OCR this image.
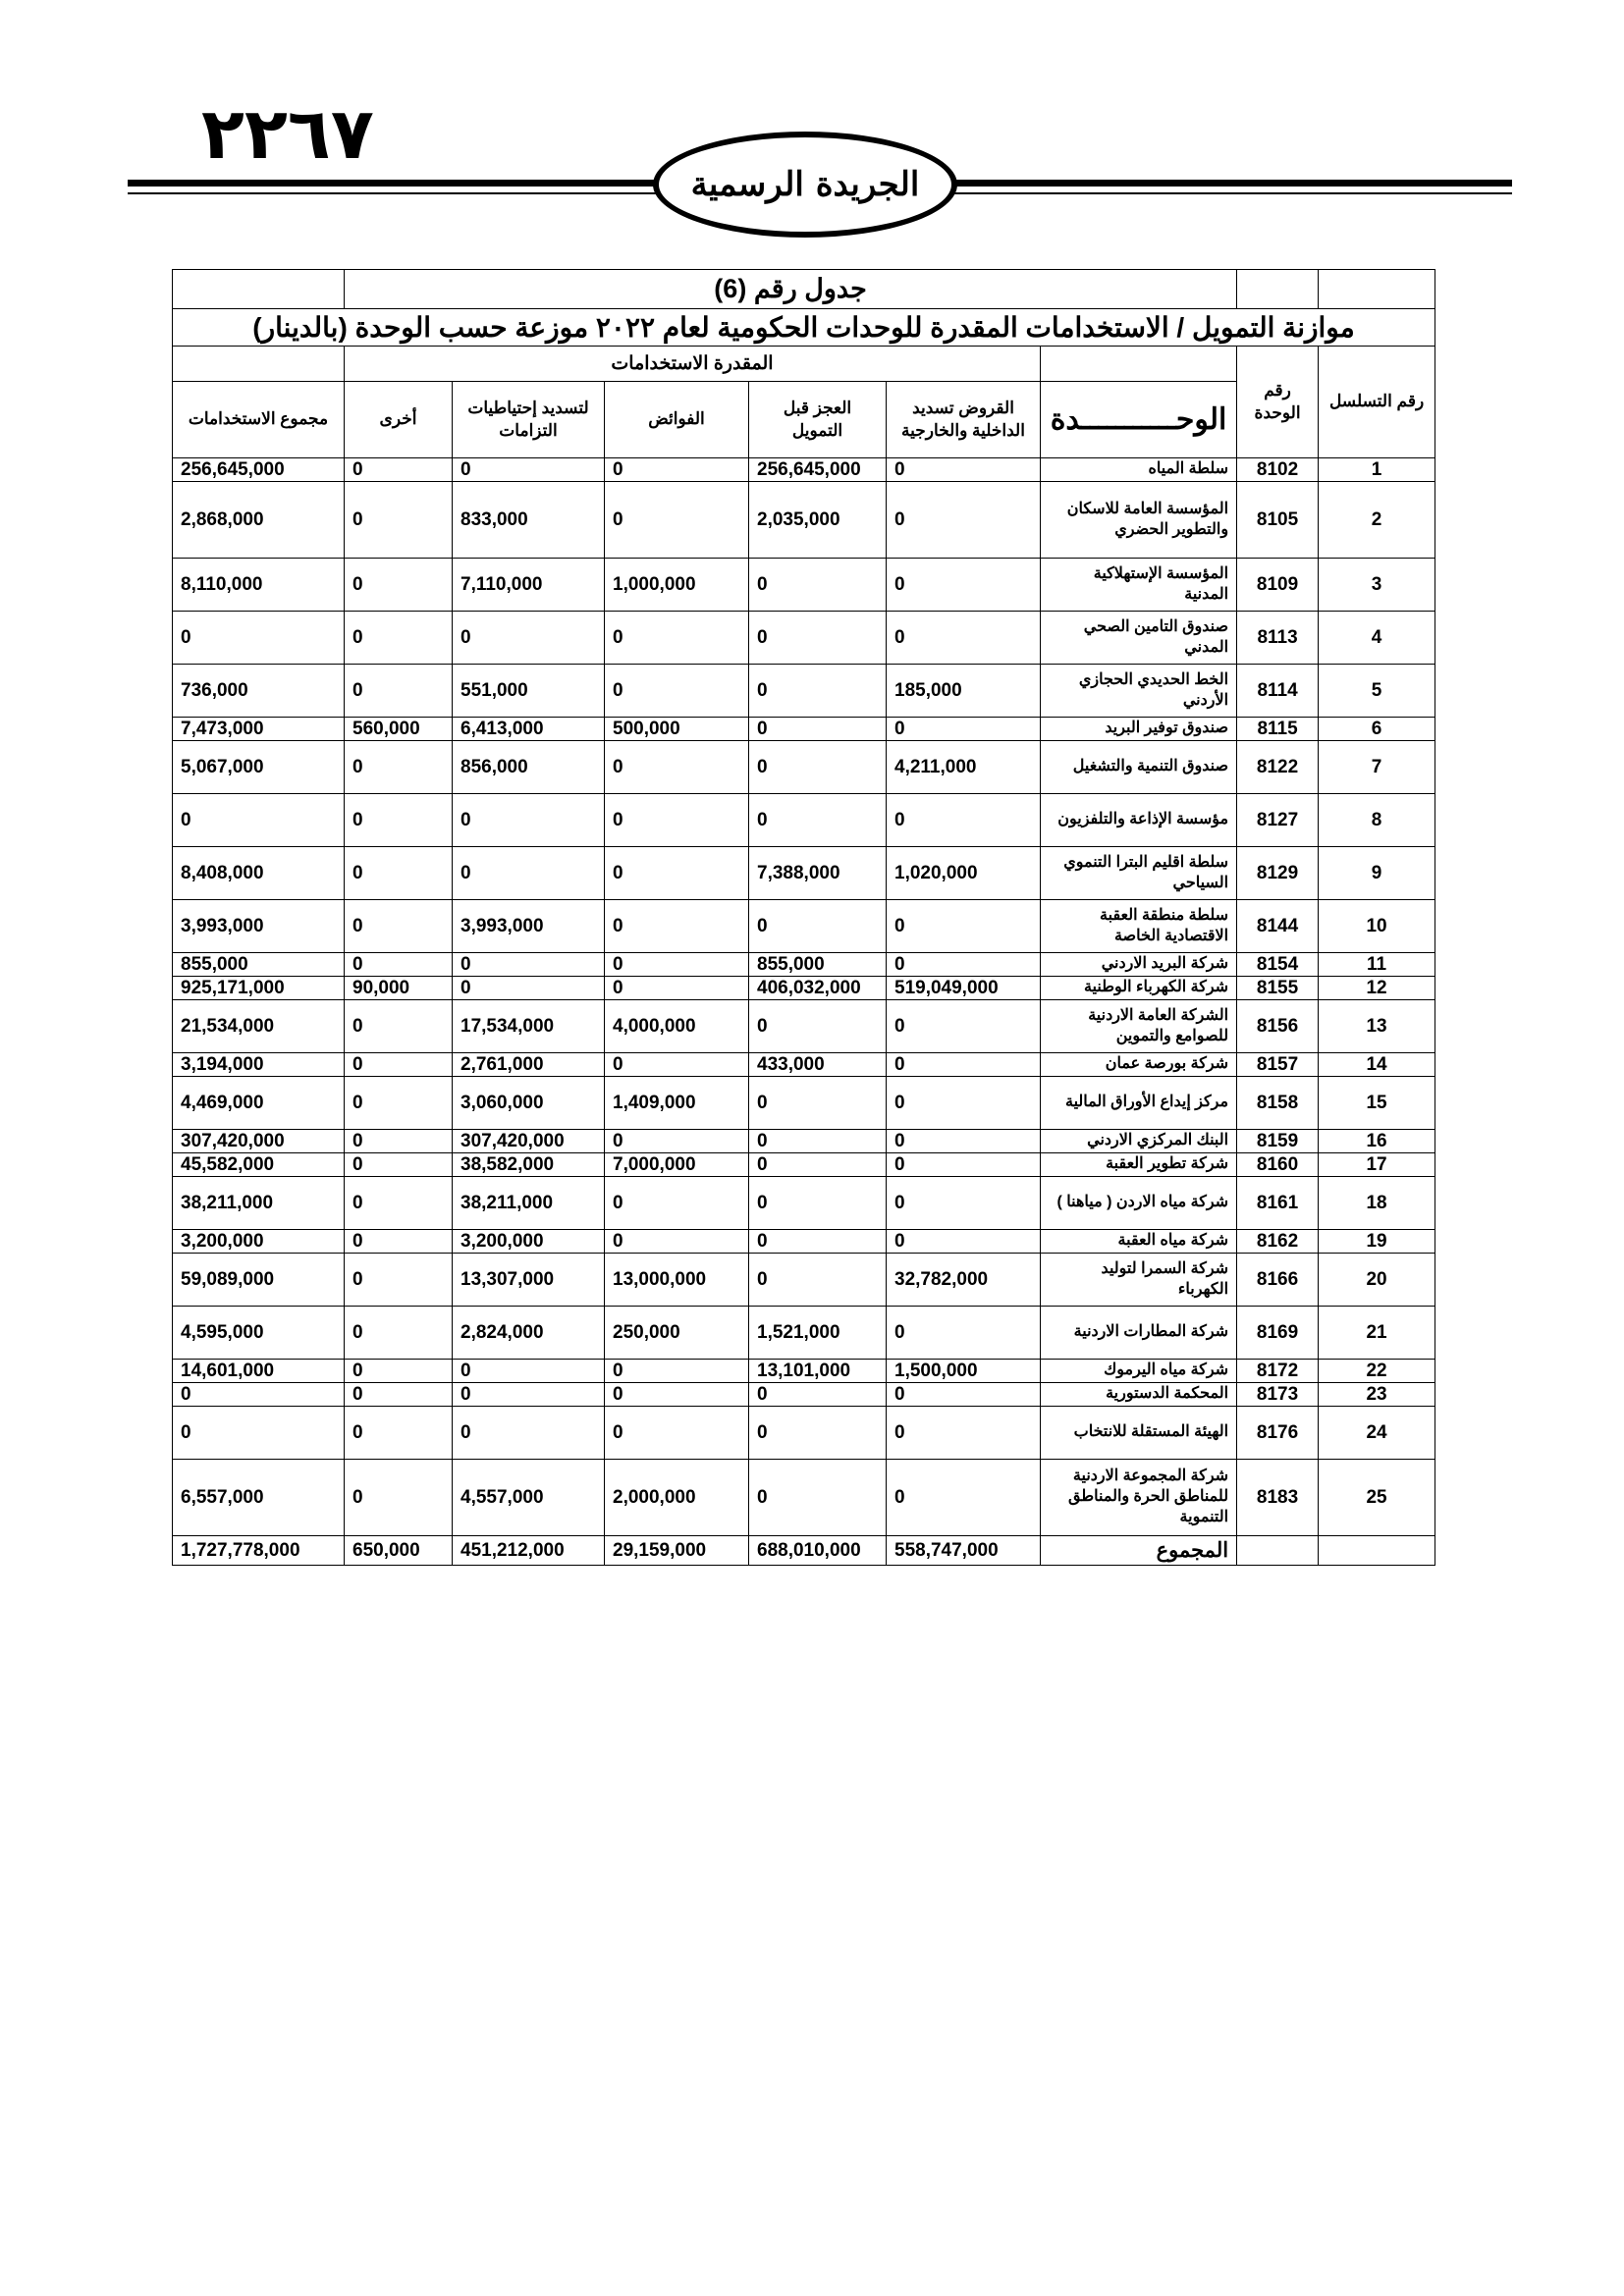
٢٢٦٧
الجريدة الرسمية
	جدول رقم (6)							
موازنة التمويل / الاستخدامات المقدرة للوحدات الحكومية لعام ٢٠٢٢ موزعة حسب الوحدة (بالدينار)								
	المقدرة الاستخدامات						رقم الوحدة	رقم التسلسل
مجموع الاستخدامات	أخرى	لتسديد إحتياطيات التزامات	الفوائض	العجز قبل التمويل	القروض تسديد الداخلية والخارجية	الوحـــــــــــدة		
256,645,000	0	0	0	256,645,000	0	سلطة المياه	8102	1
2,868,000	0	833,000	0	2,035,000	0	المؤسسة العامة للاسكان والتطوير الحضري	8105	2
8,110,000	0	7,110,000	1,000,000	0	0	المؤسسة الإستهلاكية المدنية	8109	3
0	0	0	0	0	0	صندوق التامين الصحي المدني	8113	4
736,000	0	551,000	0	0	185,000	الخط الحديدي الحجازي الأردني	8114	5
7,473,000	560,000	6,413,000	500,000	0	0	صندوق توفير البريد	8115	6
5,067,000	0	856,000	0	0	4,211,000	صندوق التنمية والتشغيل	8122	7
0	0	0	0	0	0	مؤسسة الإذاعة والتلفزيون	8127	8
8,408,000	0	0	0	7,388,000	1,020,000	سلطة اقليم البترا التنموي السياحي	8129	9
3,993,000	0	3,993,000	0	0	0	سلطة منطقة العقبة الاقتصادية الخاصة	8144	10
855,000	0	0	0	855,000	0	شركة البريد الاردني	8154	11
925,171,000	90,000	0	0	406,032,000	519,049,000	شركة الكهرباء الوطنية	8155	12
21,534,000	0	17,534,000	4,000,000	0	0	الشركة العامة الاردنية للصوامع والتموين	8156	13
3,194,000	0	2,761,000	0	433,000	0	شركة بورصة عمان	8157	14
4,469,000	0	3,060,000	1,409,000	0	0	مركز إيداع الأوراق المالية	8158	15
307,420,000	0	307,420,000	0	0	0	البنك المركزي الاردني	8159	16
45,582,000	0	38,582,000	7,000,000	0	0	شركة تطوير العقبة	8160	17
38,211,000	0	38,211,000	0	0	0	شركة مياه الاردن ( مياهنا )	8161	18
3,200,000	0	3,200,000	0	0	0	شركة مياه العقبة	8162	19
59,089,000	0	13,307,000	13,000,000	0	32,782,000	شركة السمرا لتوليد الكهرباء	8166	20
4,595,000	0	2,824,000	250,000	1,521,000	0	شركة المطارات الاردنية	8169	21
14,601,000	0	0	0	13,101,000	1,500,000	شركة مياه اليرموك	8172	22
0	0	0	0	0	0	المحكمة الدستورية	8173	23
0	0	0	0	0	0	الهيئة المستقلة للانتخاب	8176	24
6,557,000	0	4,557,000	2,000,000	0	0	شركة المجموعة الاردنية للمناطق الحرة والمناطق التنموية	8183	25
1,727,778,000	650,000	451,212,000	29,159,000	688,010,000	558,747,000	المجموع		
